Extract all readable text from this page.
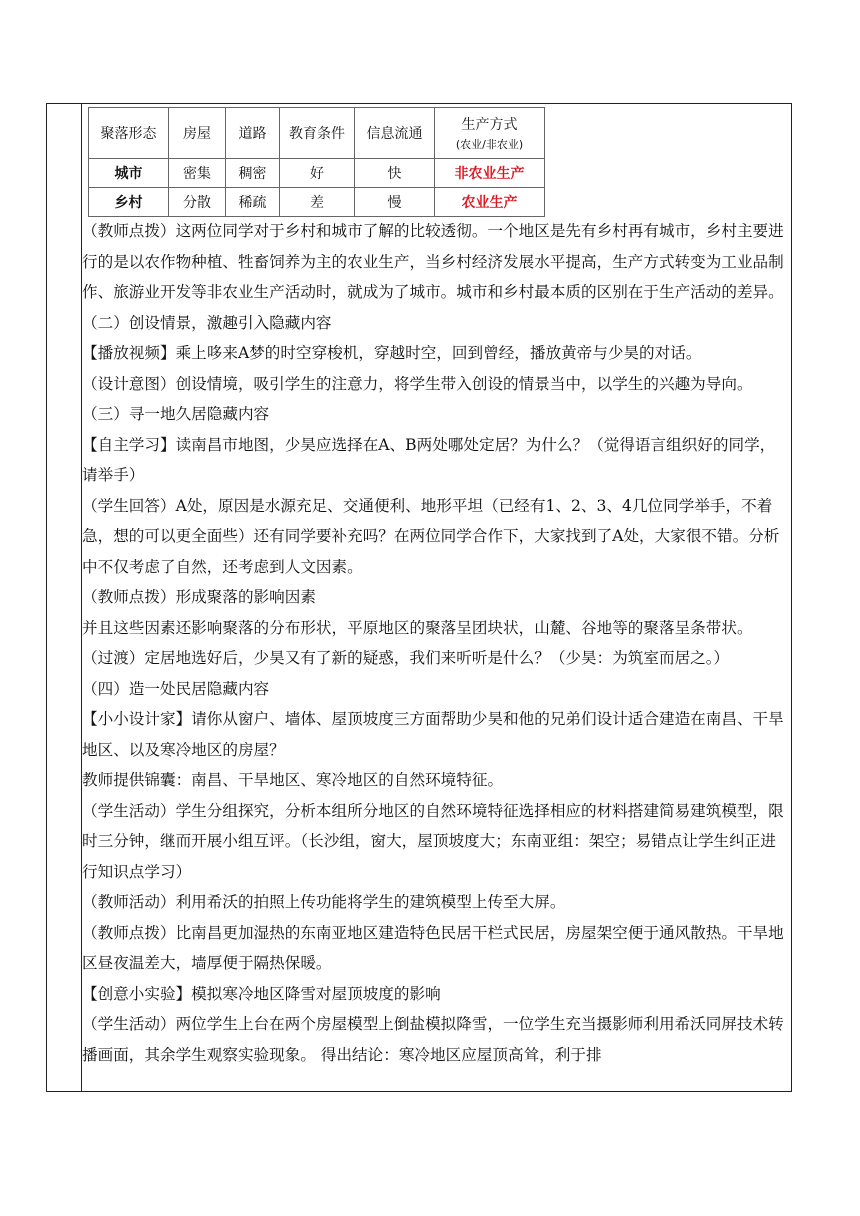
聚落形态	房屋	道路	教育条件	信息流通	生产方式
(农业/非农业)

城市	密集	稠密	好	快	非农业生产
乡村	分散	稀疏	差	慢	农业生产

（教师点拨）这两位同学对于乡村和城市了解的比较透彻。一个地区是先有乡村再有城市，乡村主要进行的是以农作物种植、牲畜饲养为主的农业生产，当乡村经济发展水平提高，生产方式转变为工业品制作、旅游业开发等非农业生产活动时，就成为了城市。城市和乡村最本质的区别在于生产活动的差异。

（二）创设情景，激趣引入隐藏内容

【播放视频】乘上哆来A梦的时空穿梭机，穿越时空，回到曾经，播放黄帝与少昊的对话。

（设计意图）创设情境，吸引学生的注意力，将学生带入创设的情景当中，以学生的兴趣为导向。

（三）寻一地久居隐藏内容

【自主学习】读南昌市地图，少昊应选择在A、B两处哪处定居？为什么？（觉得语言组织好的同学，请举手）

（学生回答）A处，原因是水源充足、交通便利、地形平坦（已经有1、2、3、4几位同学举手，不着急，想的可以更全面些）还有同学要补充吗？在两位同学合作下，大家找到了A处，大家很不错。分析中不仅考虑了自然，还考虑到人文因素。

（教师点拨）形成聚落的影响因素

并且这些因素还影响聚落的分布形状，平原地区的聚落呈团块状，山麓、谷地等的聚落呈条带状。

（过渡）定居地选好后，少昊又有了新的疑惑，我们来听听是什么？（少昊：为筑室而居之。）

（四）造一处民居隐藏内容

【小小设计家】请你从窗户、墙体、屋顶坡度三方面帮助少昊和他的兄弟们设计适合建造在南昌、干旱地区、以及寒冷地区的房屋？

教师提供锦囊：南昌、干旱地区、寒冷地区的自然环境特征。

（学生活动）学生分组探究，分析本组所分地区的自然环境特征选择相应的材料搭建简易建筑模型，限时三分钟，继而开展小组互评。（长沙组，窗大，屋顶坡度大；东南亚组：架空；易错点让学生纠正进行知识点学习）

（教师活动）利用希沃的拍照上传功能将学生的建筑模型上传至大屏。

（教师点拨）比南昌更加湿热的东南亚地区建造特色民居干栏式民居，房屋架空便于通风散热。干旱地区昼夜温差大，墙厚便于隔热保暖。

【创意小实验】模拟寒冷地区降雪对屋顶坡度的影响

（学生活动）两位学生上台在两个房屋模型上倒盐模拟降雪，一位学生充当摄影师利用希沃同屏技术转播画面，其余学生观察实验现象。 得出结论：寒冷地区应屋顶高耸，利于排
